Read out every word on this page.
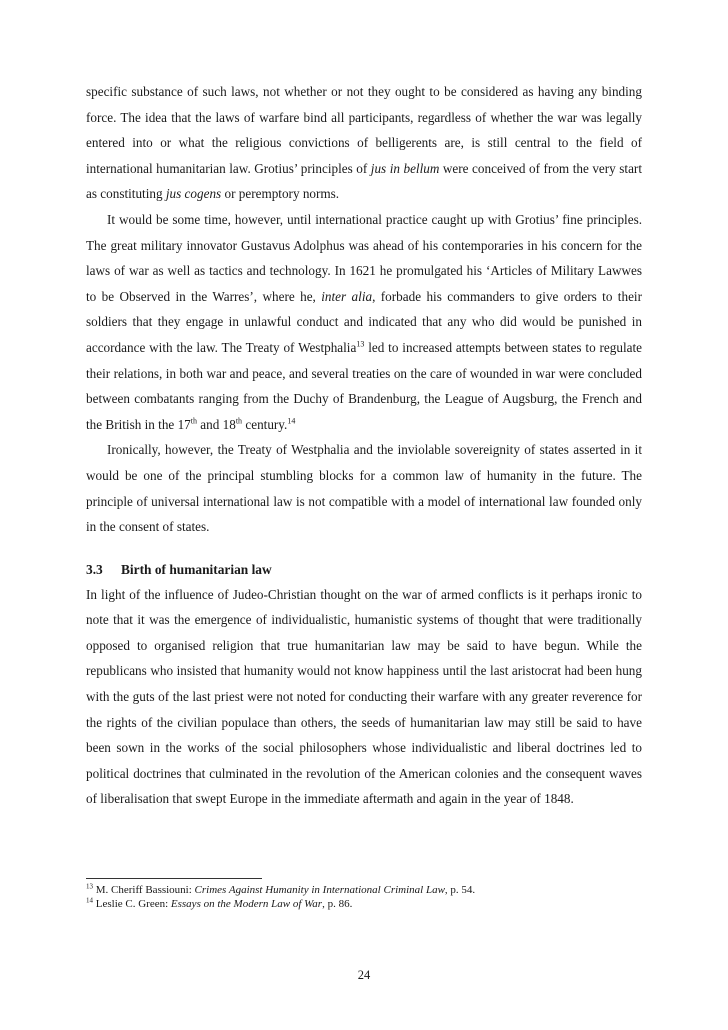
specific substance of such laws, not whether or not they ought to be considered as having any binding force. The idea that the laws of warfare bind all participants, regardless of whether the war was legally entered into or what the religious convictions of belligerents are, is still central to the field of international humanitarian law. Grotius’ principles of jus in bellum were conceived of from the very start as constituting jus cogens or peremptory norms.

It would be some time, however, until international practice caught up with Grotius’ fine principles. The great military innovator Gustavus Adolphus was ahead of his contemporaries in his concern for the laws of war as well as tactics and technology. In 1621 he promulgated his ‘Articles of Military Lawwes to be Observed in the Warres’, where he, inter alia, forbade his commanders to give orders to their soldiers that they engage in unlawful conduct and indicated that any who did would be punished in accordance with the law. The Treaty of Westphalia$^{13}$ led to increased attempts between states to regulate their relations, in both war and peace, and several treaties on the care of wounded in war were concluded between combatants ranging from the Duchy of Brandenburg, the League of Augsburg, the French and the British in the 17th and 18th century.$^{14}$

Ironically, however, the Treaty of Westphalia and the inviolable sovereignity of states asserted in it would be one of the principal stumbling blocks for a common law of humanity in the future. The principle of universal international law is not compatible with a model of international law founded only in the consent of states.

3.3 Birth of humanitarian law

In light of the influence of Judeo-Christian thought on the war of armed conflicts is it perhaps ironic to note that it was the emergence of individualistic, humanistic systems of thought that were traditionally opposed to organised religion that true humanitarian law may be said to have begun. While the republicans who insisted that humanity would not know happiness until the last aristocrat had been hung with the guts of the last priest were not noted for conducting their warfare with any greater reverence for the rights of the civilian populace than others, the seeds of humanitarian law may still be said to have been sown in the works of the social philosophers whose individualistic and liberal doctrines led to political doctrines that culminated in the revolution of the American colonies and the consequent waves of liberalisation that swept Europe in the immediate aftermath and again in the year of 1848.

$^{13}$ M. Cheriff Bassiouni: Crimes Against Humanity in International Criminal Law, p. 54.

$^{14}$ Leslie C. Green: Essays on the Modern Law of War, p. 86.

24
